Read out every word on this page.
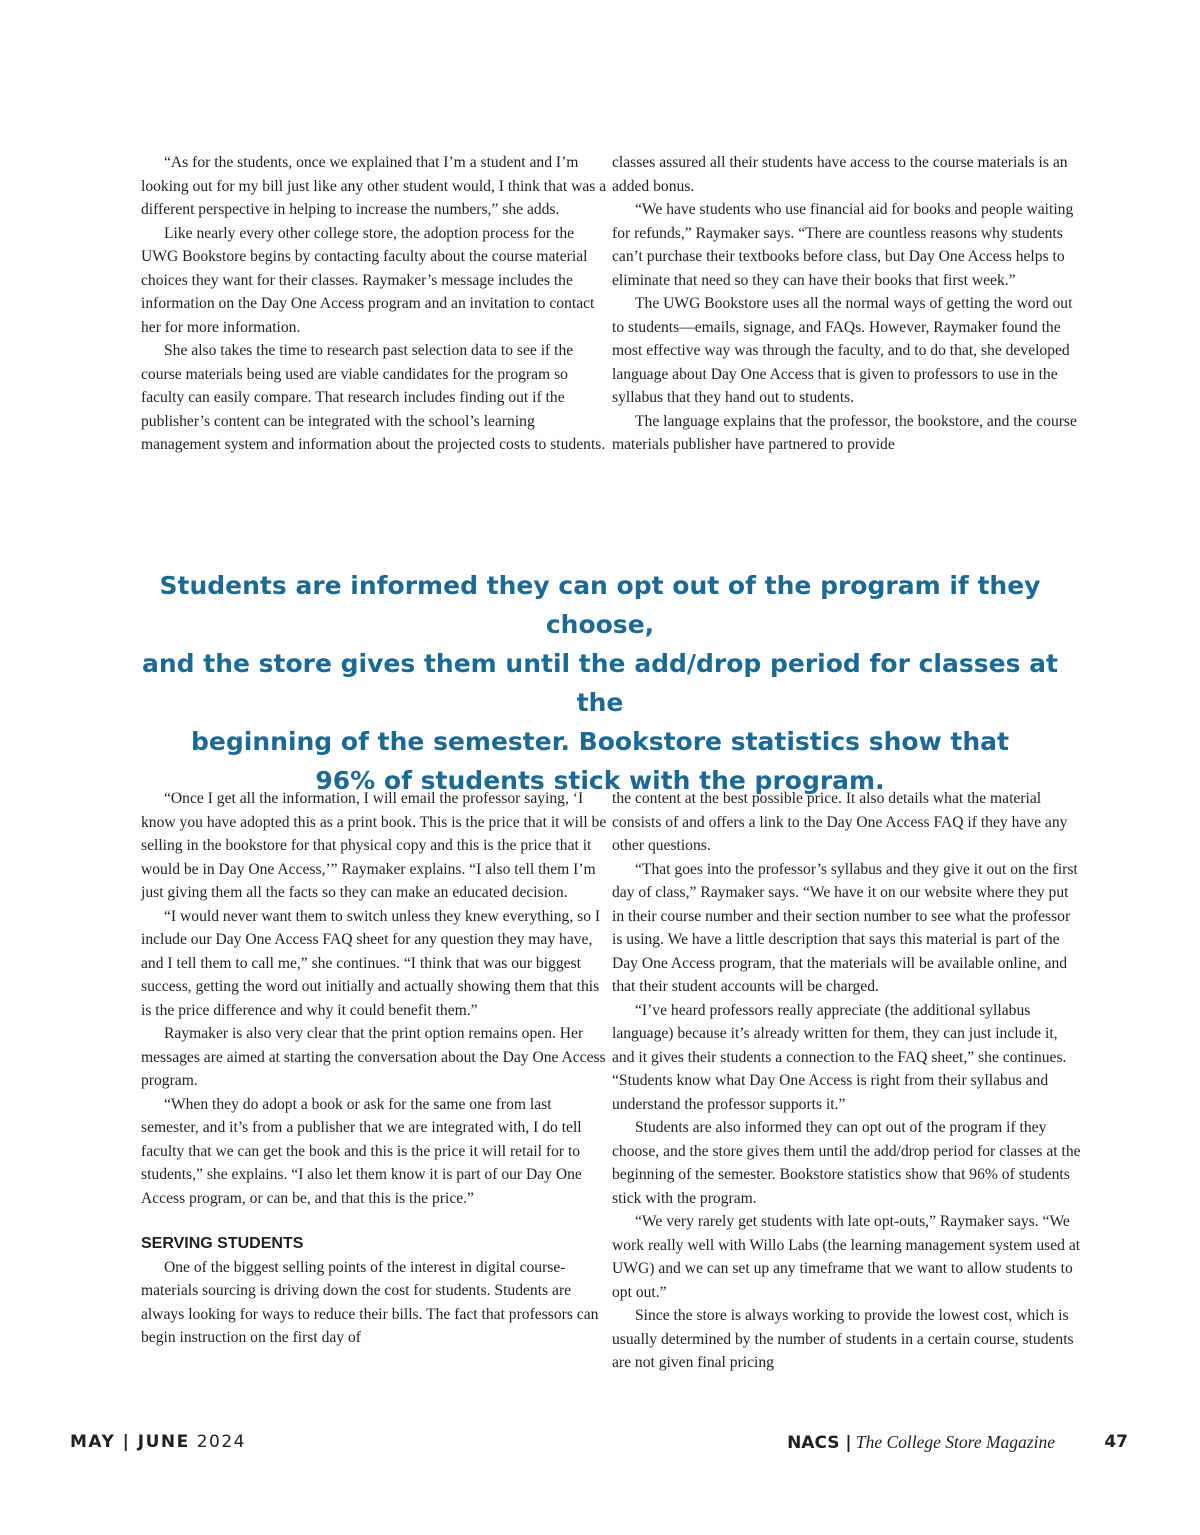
“As for the students, once we explained that I’m a student and I’m looking out for my bill just like any other student would, I think that was a different perspective in helping to increase the numbers,” she adds.

Like nearly every other college store, the adoption process for the UWG Bookstore begins by contacting faculty about the course material choices they want for their classes. Raymaker’s message includes the information on the Day One Access program and an invitation to contact her for more information.

She also takes the time to research past selection data to see if the course materials being used are viable candidates for the program so faculty can easily compare. That research includes finding out if the publisher’s content can be integrated with the school’s learning management system and information about the projected costs to students.

classes assured all their students have access to the course materials is an added bonus.

“We have students who use financial aid for books and people waiting for refunds,” Raymaker says. “There are countless reasons why students can’t purchase their textbooks before class, but Day One Access helps to eliminate that need so they can have their books that first week.”

The UWG Bookstore uses all the normal ways of getting the word out to students—emails, signage, and FAQs. However, Raymaker found the most effective way was through the faculty, and to do that, she developed language about Day One Access that is given to professors to use in the syllabus that they hand out to students.

The language explains that the professor, the bookstore, and the course materials publisher have partnered to provide

Students are informed they can opt out of the program if they choose,
and the store gives them until the add/drop period for classes at the
beginning of the semester. Bookstore statistics show that
96% of students stick with the program.

“Once I get all the information, I will email the professor saying, ‘I know you have adopted this as a print book. This is the price that it will be selling in the bookstore for that physical copy and this is the price that it would be in Day One Access,’” Raymaker explains. “I also tell them I’m just giving them all the facts so they can make an educated decision.

“I would never want them to switch unless they knew everything, so I include our Day One Access FAQ sheet for any question they may have, and I tell them to call me,” she continues. “I think that was our biggest success, getting the word out initially and actually showing them that this is the price difference and why it could benefit them.”

Raymaker is also very clear that the print option remains open. Her messages are aimed at starting the conversation about the Day One Access program.

“When they do adopt a book or ask for the same one from last semester, and it’s from a publisher that we are integrated with, I do tell faculty that we can get the book and this is the price it will retail for to students,” she explains. “I also let them know it is part of our Day One Access program, or can be, and that this is the price.”

SERVING STUDENTS

One of the biggest selling points of the interest in digital course-materials sourcing is driving down the cost for students. Students are always looking for ways to reduce their bills. The fact that professors can begin instruction on the first day of

the content at the best possible price. It also details what the material consists of and offers a link to the Day One Access FAQ if they have any other questions.

“That goes into the professor’s syllabus and they give it out on the first day of class,” Raymaker says. “We have it on our website where they put in their course number and their section number to see what the professor is using. We have a little description that says this material is part of the Day One Access program, that the materials will be available online, and that their student accounts will be charged.

“I’ve heard professors really appreciate (the additional syllabus language) because it’s already written for them, they can just include it, and it gives their students a connection to the FAQ sheet,” she continues. “Students know what Day One Access is right from their syllabus and understand the professor supports it.”

Students are also informed they can opt out of the program if they choose, and the store gives them until the add/drop period for classes at the beginning of the semester. Bookstore statistics show that 96% of students stick with the program.

“We very rarely get students with late opt-outs,” Raymaker says. “We work really well with Willo Labs (the learning management system used at UWG) and we can set up any timeframe that we want to allow students to opt out.”

Since the store is always working to provide the lowest cost, which is usually determined by the number of students in a certain course, students are not given final pricing

MAY | JUNE 2024	NACS | The College Store Magazine	47
